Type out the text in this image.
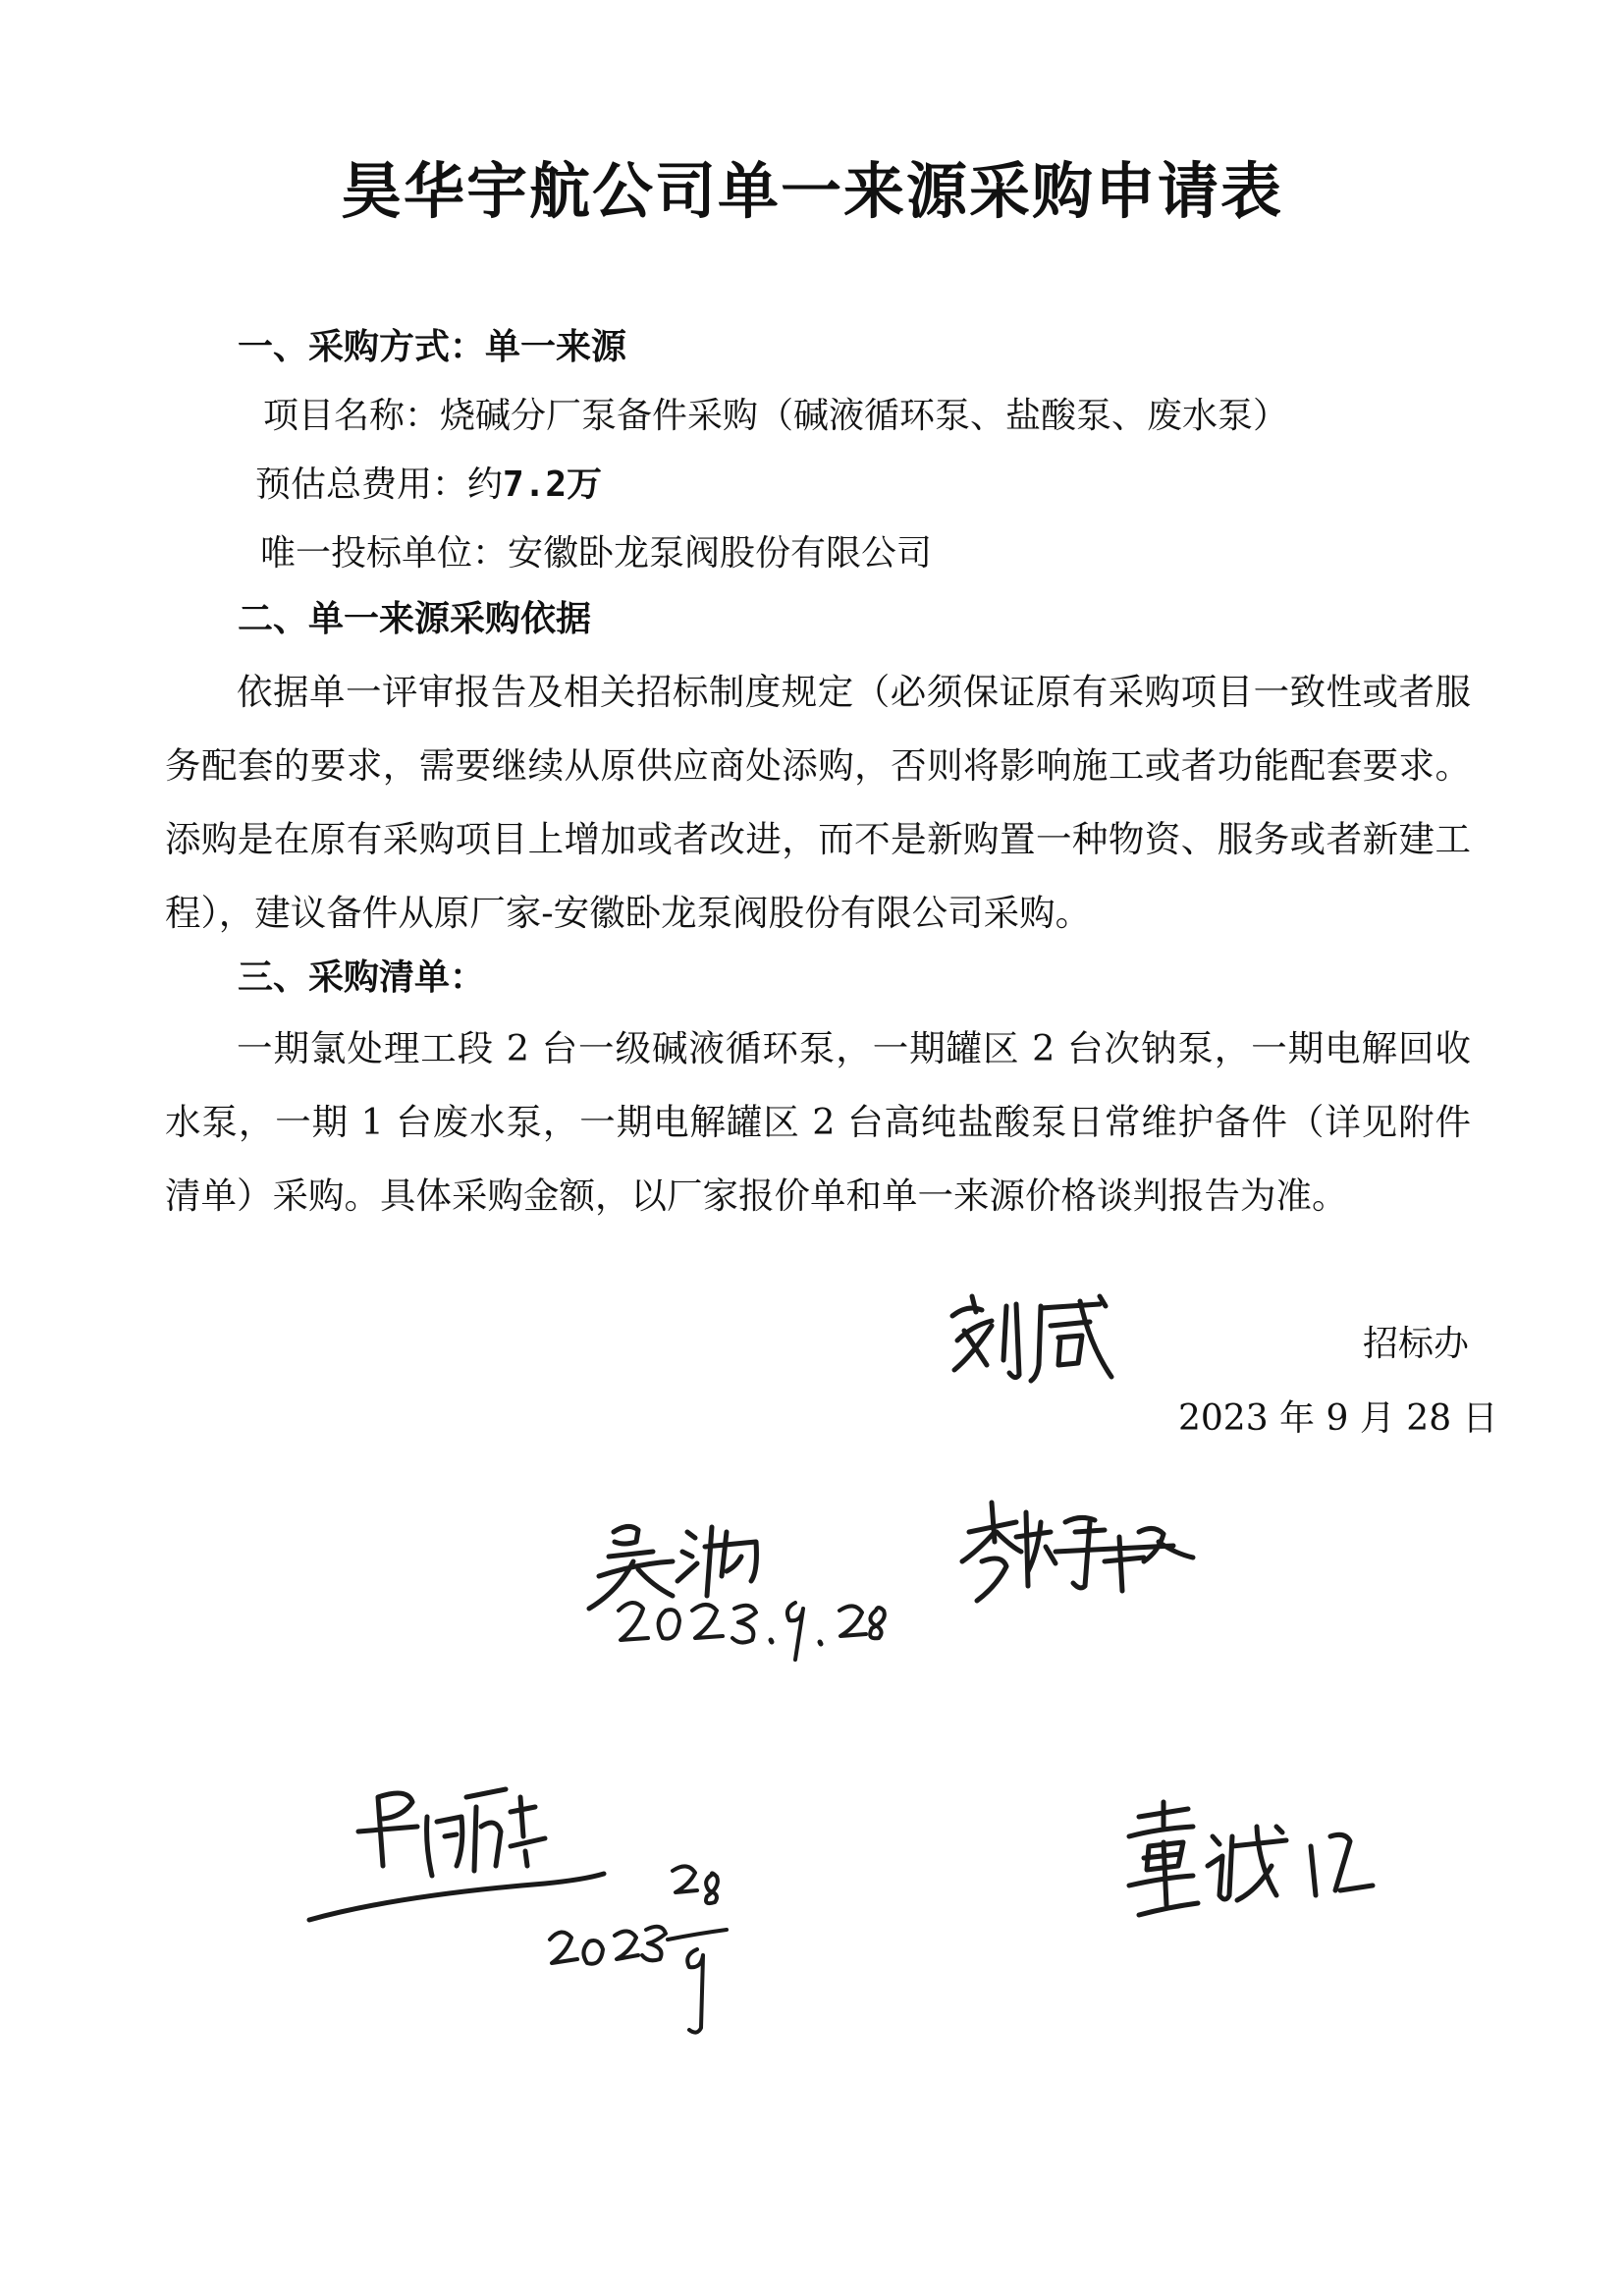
昊华宇航公司单一来源采购申请表
一、采购方式：单一来源
项目名称：烧碱分厂泵备件采购（碱液循环泵、盐酸泵、废水泵）
预估总费用：约7.2万
唯一投标单位：安徽卧龙泵阀股份有限公司
二、单一来源采购依据
依据单一评审报告及相关招标制度规定（必须保证原有采购项目一致性或者服务配套的要求，需要继续从原供应商处添购，否则将影响施工或者功能配套要求。添购是在原有采购项目上增加或者改进，而不是新购置一种物资、服务或者新建工程），建议备件从原厂家-安徽卧龙泵阀股份有限公司采购。
三、采购清单：
一期氯处理工段 2 台一级碱液循环泵，一期罐区 2 台次钠泵，一期电解回收水泵，一期 1 台废水泵，一期电解罐区 2 台高纯盐酸泵日常维护备件（详见附件清单）采购。具体采购金额，以厂家报价单和单一来源价格谈判报告为准。
招标办
2023 年 9 月 28 日
